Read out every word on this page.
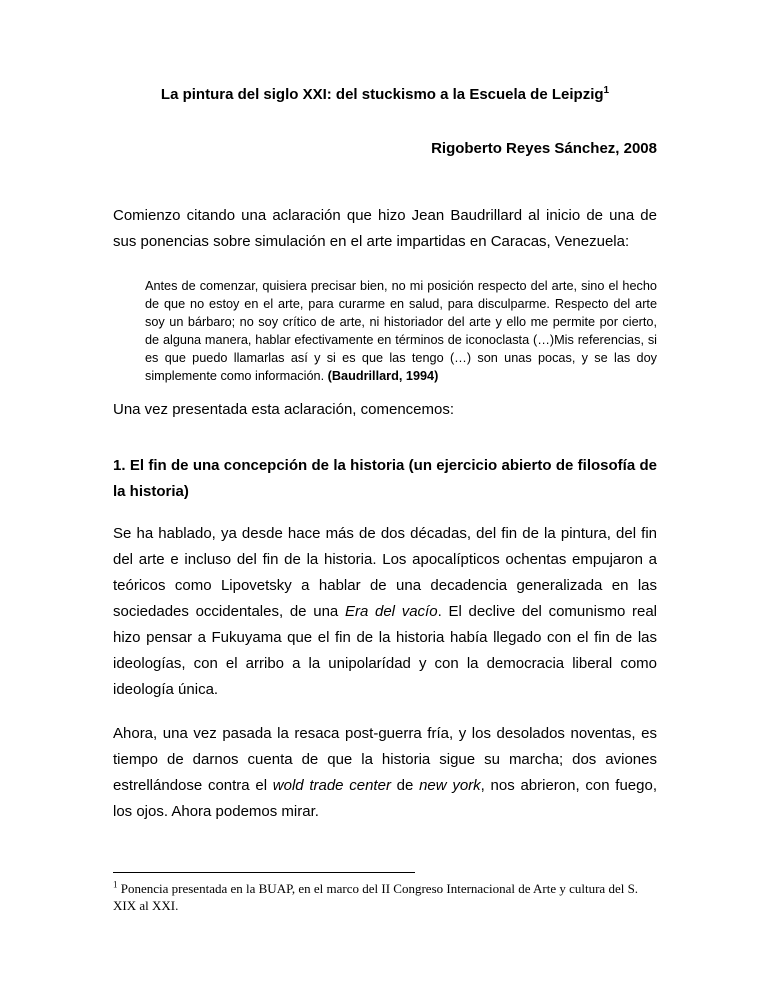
La pintura del siglo XXI: del stuckismo a la Escuela de Leipzig$^1$

Rigoberto Reyes Sánchez, 2008

Comienzo citando una aclaración que hizo Jean Baudrillard al inicio de una de sus ponencias sobre simulación en el arte impartidas en Caracas, Venezuela:

Antes de comenzar, quisiera precisar bien, no mi posición respecto del arte, sino el hecho de que no estoy en el arte, para curarme en salud, para disculparme. Respecto del arte soy un bárbaro; no soy crítico de arte, ni historiador del arte y ello me permite por cierto, de alguna manera, hablar efectivamente en términos de iconoclasta (…)Mis referencias, si es que puedo llamarlas así y si es que las tengo (…) son unas pocas, y se las doy simplemente como información. (Baudrillard, 1994)

Una vez presentada esta aclaración, comencemos:

1. El fin de una concepción de la historia (un ejercicio abierto de filosofía de la historia)

Se ha hablado, ya desde hace más de dos décadas, del fin de la pintura, del fin del arte e incluso del fin de la historia. Los apocalípticos ochentas empujaron a teóricos como Lipovetsky a hablar de una decadencia generalizada en las sociedades occidentales, de una Era del vacío. El declive del comunismo real hizo pensar a Fukuyama que el fin de la historia había llegado con el fin de las ideologías, con el arribo a la unipolarídad y con la democracia liberal como ideología única.

Ahora, una vez pasada la resaca post-guerra fría, y los desolados noventas, es tiempo de darnos cuenta de que la historia sigue su marcha; dos aviones estrellándose contra el wold trade center de new york, nos abrieron, con fuego, los ojos. Ahora podemos mirar.

$^1$ Ponencia presentada en la BUAP, en el marco del II Congreso Internacional de Arte y cultura del S. XIX al XXI.
